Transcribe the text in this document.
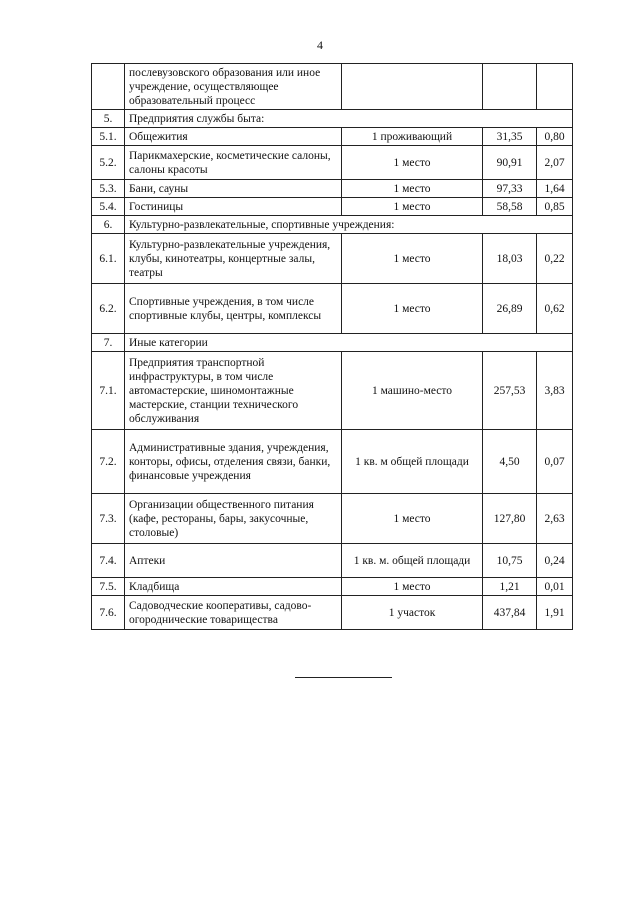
4
	послевузовского образования или иное учреждение, осуществляющее образовательный процесс			
5.	Предприятия службы быта:			
5.1.	Общежития	1 проживающий	31,35	0,80
5.2.	Парикмахерские, косметические салоны, салоны красоты	1 место	90,91	2,07
5.3.	Бани, сауны	1 место	97,33	1,64
5.4.	Гостиницы	1 место	58,58	0,85
6.	Культурно-развлекательные, спортивные учреждения:			
6.1.	Культурно-развлекательные учреждения, клубы, кинотеатры, концертные залы, театры	1 место	18,03	0,22
6.2.	Спортивные учреждения, в том числе спортивные клубы, центры, комплексы	1 место	26,89	0,62
7.	Иные категории			
7.1.	Предприятия транспортной инфраструктуры, в том числе автомастерские, шиномонтажные мастерские, станции технического обслуживания	1 машино-место	257,53	3,83
7.2.	Административные здания, учреждения, конторы, офисы, отделения связи, банки, финансовые учреждения	1 кв. м общей площади	4,50	0,07
7.3.	Организации общественного питания (кафе, рестораны, бары, закусочные, столовые)	1 место	127,80	2,63
7.4.	Аптеки	1 кв. м. общей площади	10,75	0,24
7.5.	Кладбища	1 место	1,21	0,01
7.6.	Садоводческие кооперативы, садово-огороднические товарищества	1 участок	437,84	1,91
